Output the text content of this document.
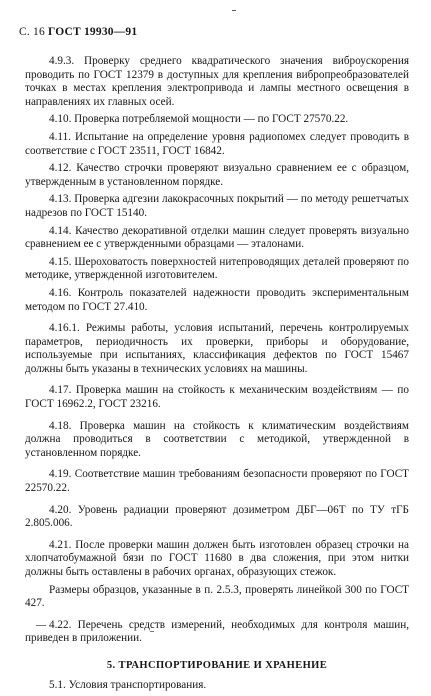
С. 16 ГОСТ 19930—91

4.9.3. Проверку среднего квадратического значения виброускорения проводить по ГОСТ 12379 в доступных для крепления вибропреобразователей точках в местах крепления электропривода и лампы местного освещения в направлениях их главных осей.

4.10. Проверка потребляемой мощности — по ГОСТ 27570.22.

4.11. Испытание на определение уровня радиопомех следует проводить в соответствие с ГОСТ 23511, ГОСТ 16842.

4.12. Качество строчки проверяют визуально сравнением ее с образцом, утвержденным в установленном порядке.

4.13. Проверка адгезии лакокрасочных покрытий — по методу решетчатых надрезов по ГОСТ 15140.

4.14. Качество декоративной отделки машин следует проверять визуально сравнением ее с утвержденными образцами — эталонами.

4.15. Шероховатость поверхностей нитепроводящих деталей проверяют по методике, утвержденной изготовителем.

4.16. Контроль показателей надежности проводить экспериментальным методом по ГОСТ 27.410.

4.16.1. Режимы работы, условия испытаний, перечень контролируемых параметров, периодичность их проверки, приборы и оборудование, используемые при испытаниях, классификация дефектов по ГОСТ 15467 должны быть указаны в технических условиях на машины.

4.17. Проверка машин на стойкость к механическим воздействиям — по ГОСТ 16962.2, ГОСТ 23216.

4.18. Проверка машин на стойкость к климатическим воздействиям должна проводиться в соответствии с методикой, утвержденной в установленном порядке.

4.19. Соответствие машин требованиям безопасности проверяют по ГОСТ 22570.22.

4.20. Уровень радиации проверяют дозиметром ДБГ—06Т по ТУ тГБ 2.805.006.

4.21. После проверки машин должен быть изготовлен образец строчки на хлопчатобумажной бязи по ГОСТ 11680 в два сложения, при этом нитки должны быть оставлены в рабочих органах, образующих стежок.

Размеры образцов, указанные в п. 2.5.3, проверять линейкой 300 по ГОСТ 427.

4.22. Перечень средств измерений, необходимых для контроля машин, приведен в приложении.

5. ТРАНСПОРТИРОВАНИЕ И ХРАНЕНИЕ

5.1. Условия транспортирования.
